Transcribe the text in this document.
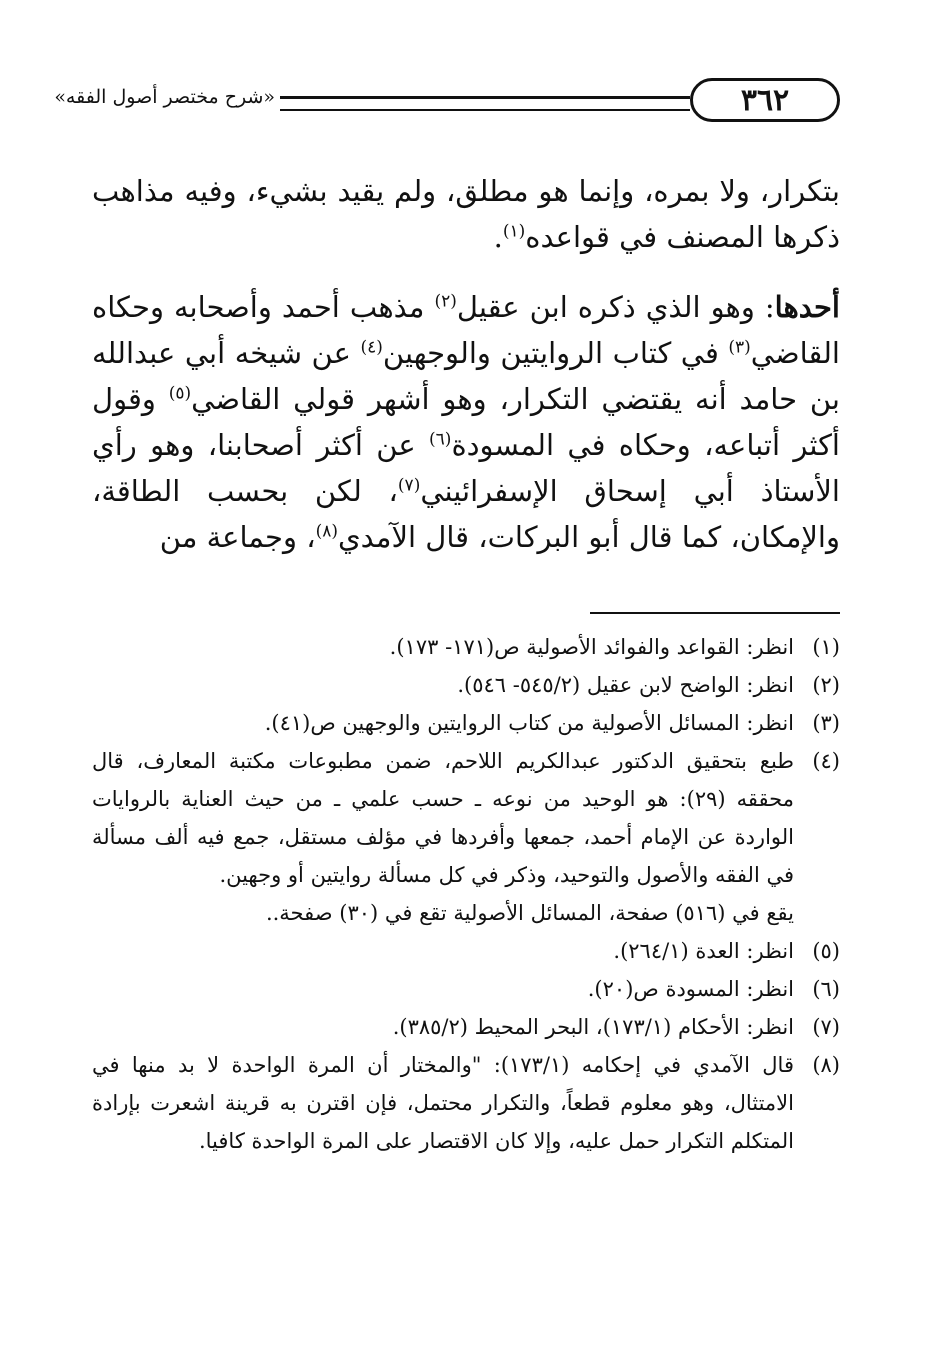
٣٦٢
«شرح مختصر أصول الفقه»

بتكرار، ولا بمره، وإنما هو مطلق، ولم يقيد بشيء، وفيه مذاهب ذكرها المصنف في قواعده$^{(١)}$.

أحدها: وهو الذي ذكره ابن عقيل$^{(٢)}$ مذهب أحمد وأصحابه وحكاه القاضي$^{(٣)}$ في كتاب الروايتين والوجهين$^{(٤)}$ عن شيخه أبي عبدالله بن حامد أنه يقتضي التكرار، وهو أشهر قولي القاضي$^{(٥)}$ وقول أكثر أتباعه، وحكاه في المسودة$^{(٦)}$ عن أكثر أصحابنا، وهو رأي الأستاذ أبي إسحاق الإسفرائيني$^{(٧)}$، لكن بحسب الطاقة، والإمكان، كما قال أبو البركات، قال الآمدي$^{(٨)}$، وجماعة من

(١)
انظر: القواعد والفوائد الأصولية ص(١٧١- ١٧٣).
(٢)
انظر: الواضح لابن عقيل (٥٤٥/٢- ٥٤٦).
(٣)
انظر: المسائل الأصولية من كتاب الروايتين والوجهين ص(٤١).
(٤)
طبع بتحقيق الدكتور عبدالكريم اللاحم، ضمن مطبوعات مكتبة المعارف، قال محققه (٢٩): هو الوحيد من نوعه ـ حسب علمي ـ من حيث العناية بالروايات الواردة عن الإمام أحمد، جمعها وأفردها في مؤلف مستقل، جمع فيه ألف مسألة في الفقه والأصول والتوحيد، وذكر في كل مسألة روايتين أو وجهين.
يقع في (٥١٦) صفحة، المسائل الأصولية تقع في (٣٠) صفحة..
(٥)
انظر: العدة (٢٦٤/١).
(٦)
انظر: المسودة ص(٢٠).
(٧)
انظر: الأحكام (١٧٣/١)، البحر المحيط (٣٨٥/٢).
(٨)
قال الآمدي في إحكامه (١٧٣/١): "والمختار أن المرة الواحدة لا بد منها في الامتثال، وهو معلوم قطعاً، والتكرار محتمل، فإن اقترن به قرينة اشعرت بإرادة المتكلم التكرار حمل عليه، وإلا كان الاقتصار على المرة الواحدة كافيا.
